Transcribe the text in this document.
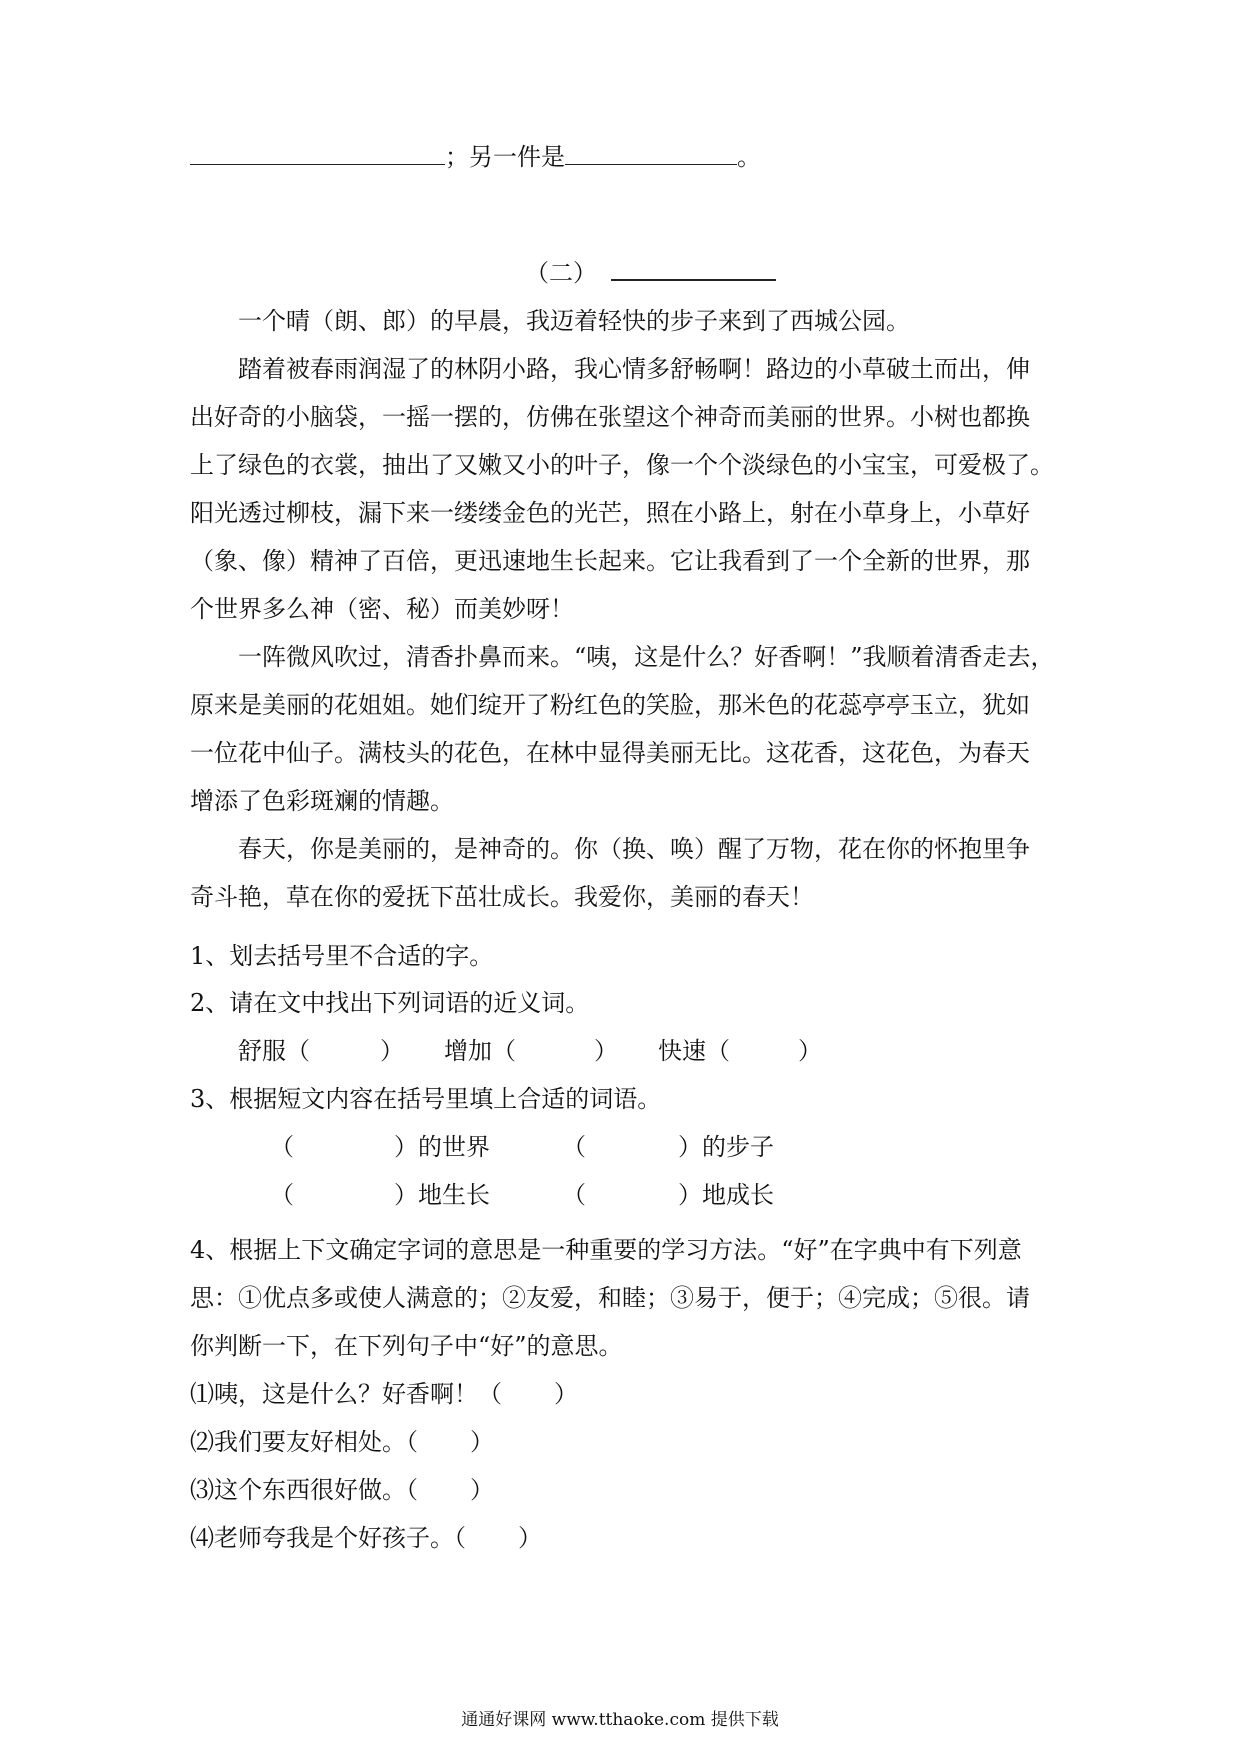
；另一件是	。
（二）
一个晴（朗、郎）的早晨，我迈着轻快的步子来到了西城公园。
踏着被春雨润湿了的林阴小路，我心情多舒畅啊！路边的小草破土而出，伸
出好奇的小脑袋，一摇一摆的，仿佛在张望这个神奇而美丽的世界。小树也都换
上了绿色的衣裳，抽出了又嫩又小的叶子，像一个个淡绿色的小宝宝，可爱极了。
阳光透过柳枝，漏下来一缕缕金色的光芒，照在小路上，射在小草身上，小草好
（象、像）精神了百倍，更迅速地生长起来。它让我看到了一个全新的世界，那
个世界多么神（密、秘）而美妙呀！
一阵微风吹过，清香扑鼻而来。“咦，这是什么？好香啊！”我顺着清香走去，
原来是美丽的花姐姐。她们绽开了粉红色的笑脸，那米色的花蕊亭亭玉立，犹如
一位花中仙子。满枝头的花色，在林中显得美丽无比。这花香，这花色，为春天
增添了色彩斑斓的情趣。
春天，你是美丽的，是神奇的。你（换、唤）醒了万物，花在你的怀抱里争
奇斗艳，草在你的爱抚下茁壮成长。我爱你，美丽的春天！
1、划去括号里不合适的字。
2、请在文中找出下列词语的近义词。
舒服（	） 增加（	） 快速（	）
3、根据短文内容在括号里填上合适的词语。
（	）的世界	（	）的步子
（	）地生长	（	）地成长
4、根据上下文确定字词的意思是一种重要的学习方法。“好”在字典中有下列意
思：①优点多或使人满意的；②友爱，和睦；③易于，便于；④完成；⑤很。请
你判断一下，在下列句子中“好”的意思。
⑴咦，这是什么？好香啊！（ ）
⑵我们要友好相处。（ ）
⑶这个东西很好做。（ ）
⑷老师夸我是个好孩子。（ ）
通通好课网 www.tthaoke.com 提供下载
